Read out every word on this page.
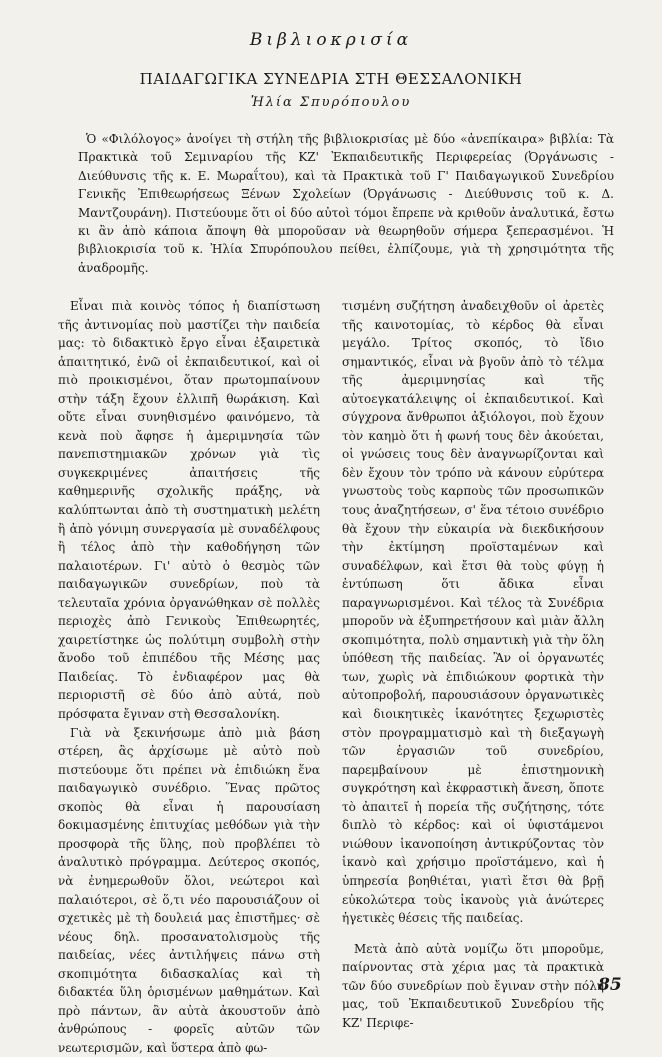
Βιβλιοκρισία
ΠΑΙΔΑΓΩΓΙΚΑ ΣΥΝΕΔΡΙΑ ΣΤΗ ΘΕΣΣΑΛΟΝΙΚΗ
Ἠλία Σπυρόπουλου
Ὁ «Φιλόλογος» ἀνοίγει τὴ στήλη τῆς βιβλιοκρισίας μὲ δύο «ἀνεπίκαιρα» βιβλία: Τὰ Πρακτικὰ τοῦ Σεμιναρίου τῆς ΚΖ' Ἐκπαιδευτικῆς Περιφερείας (Ὀργάνωσις - Διεύθυνσις τῆς κ. Ε. Μωραΐτου), καὶ τὰ Πρακτικὰ τοῦ Γ' Παιδαγωγικοῦ Συνεδρίου Γενικῆς Ἐπιθεωρήσεως Ξένων Σχολείων (Ὀργάνωσις - Διεύθυνσις τοῦ κ. Δ. Μαντζουράνη). Πιστεύουμε ὅτι οἱ δύο αὐτοὶ τόμοι ἔπρεπε νὰ κριθοῦν ἀναλυτικά, ἔστω κι ἂν ἀπὸ κάποια ἄποψη θὰ μποροῦσαν νὰ θεωρηθοῦν σήμερα ξεπερασμένοι. Ἡ βιβλιοκρισία τοῦ κ. Ἠλία Σπυρόπουλου πείθει, ἐλπίζουμε, γιὰ τὴ χρησιμότητα τῆς ἀναδρομῆς.

Εἶναι πιὰ κοινὸς τόπος ἡ διαπίστωση τῆς ἀντινομίας ποὺ μαστίζει τὴν παιδεία μας: τὸ διδακτικὸ ἔργο εἶναι ἐξαιρετικὰ ἀπαιτητικό, ἐνῶ οἱ ἐκπαιδευτικοί, καὶ οἱ πιὸ προικισμένοι, ὅταν πρωτομπαίνουν στὴν τάξη ἔχουν ἐλλιπῆ θωράκιση. Καὶ οὔτε εἶναι συνηθισμένο φαινόμενο, τὰ κενὰ ποὺ ἄφησε ἡ ἀμεριμνησία τῶν πανεπιστημιακῶν χρόνων γιὰ τὶς συγκεκριμένες ἀπαιτήσεις τῆς καθημερινῆς σχολικῆς πράξης, νὰ καλύπτωνται ἀπὸ τὴ συστηματικὴ μελέτη ἢ ἀπὸ γόνιμη συνεργασία μὲ συναδέλφους ἢ τέλος ἀπὸ τὴν καθοδήγηση τῶν παλαιοτέρων. Γι' αὐτὸ ὁ θεσμὸς τῶν παιδαγωγικῶν συνεδρίων, ποὺ τὰ τελευταῖα χρόνια ὀργανώθηκαν σὲ πολλὲς περιοχὲς ἀπὸ Γενικοὺς Ἐπιθεωρητές, χαιρετίστηκε ὡς πολύτιμη συμβολὴ στὴν ἄνοδο τοῦ ἐπιπέδου τῆς Μέσης μας Παιδείας. Τὸ ἐνδιαφέρον μας θὰ περιοριστῆ σὲ δύο ἀπὸ αὐτά, ποὺ πρόσφατα ἔγιναν στὴ Θεσσαλονίκη.

Γιὰ νὰ ξεκινήσωμε ἀπὸ μιὰ βάση στέρεη, ἂς ἀρχίσωμε μὲ αὐτὸ ποὺ πιστεύουμε ὅτι πρέπει νὰ ἐπιδιώκη ἕνα παιδαγωγικὸ συνέδριο. Ἕνας πρῶτος σκοπὸς θὰ εἶναι ἡ παρουσίαση δοκιμασμένης ἐπιτυχίας μεθόδων γιὰ τὴν προσφορὰ τῆς ὕλης, ποὺ προβλέπει τὸ ἀναλυτικὸ πρόγραμμα. Δεύτερος σκοπός, νὰ ἐνημερωθοῦν ὅλοι, νεώτεροι καὶ παλαιότεροι, σὲ ὅ,τι νέο παρουσιάζουν οἱ σχετικὲς μὲ τὴ δουλειά μας ἐπιστῆμες· σὲ νέους δηλ. προσανατολισμοὺς τῆς παιδείας, νέες ἀντιλήψεις πάνω στὴ σκοπιμότητα διδασκαλίας καὶ τὴ διδακτέα ὕλη ὁρισμένων μαθημάτων. Καὶ πρὸ πάντων, ἂν αὐτὰ ἀκουστοῦν ἀπὸ ἀνθρώπους - φορεῖς αὐτῶν τῶν νεωτερισμῶν, καὶ ὕστερα ἀπὸ φω-

τισμένη συζήτηση ἀναδειχθοῦν οἱ ἀρετὲς τῆς καινοτομίας, τὸ κέρδος θὰ εἶναι μεγάλο. Τρίτος σκοπός, τὸ ἴδιο σημαντικός, εἶναι νὰ βγοῦν ἀπὸ τὸ τέλμα τῆς ἀμεριμνησίας καὶ τῆς αὐτοεγκατάλειψης οἱ ἐκπαιδευτικοί. Καὶ σύγχρονα ἄνθρωποι ἀξιόλογοι, ποὺ ἔχουν τὸν καημὸ ὅτι ἡ φωνή τους δὲν ἀκούεται, οἱ γνώσεις τους δὲν ἀναγνωρίζονται καὶ δὲν ἔχουν τὸν τρόπο νὰ κάνουν εὐρύτερα γνωστοὺς τοὺς καρποὺς τῶν προσωπικῶν τους ἀναζητήσεων, σ' ἕνα τέτοιο συνέδριο θὰ ἔχουν τὴν εὐκαιρία νὰ διεκδικήσουν τὴν ἐκτίμηση προϊσταμένων καὶ συναδέλφων, καὶ ἔτσι θὰ τοὺς φύγῃ ἡ ἐντύπωση ὅτι ἄδικα εἶναι παραγνωρισμένοι. Καὶ τέλος τὰ Συνέδρια μποροῦν νὰ ἐξυπηρετήσουν καὶ μιὰν ἄλλη σκοπιμότητα, πολὺ σημαντικὴ γιὰ τὴν ὅλη ὑπόθεση τῆς παιδείας. Ἂν οἱ ὀργανωτές των, χωρὶς νὰ ἐπιδιώκουν φορτικὰ τὴν αὐτοπροβολή, παρουσιάσουν ὀργανωτικὲς καὶ διοικητικὲς ἱκανότητες ξεχωριστὲς στὸν προγραμματισμὸ καὶ τὴ διεξαγωγὴ τῶν ἐργασιῶν τοῦ συνεδρίου, παρεμβαίνουν μὲ ἐπιστημονικὴ συγκρότηση καὶ ἐκφραστικὴ ἄνεση, ὅποτε τὸ ἀπαιτεῖ ἡ πορεία τῆς συζήτησης, τότε διπλὸ τὸ κέρδος: καὶ οἱ ὑφιστάμενοι νιώθουν ἱκανοποίηση ἀντικρύζοντας τὸν ἱκανὸ καὶ χρήσιμο προϊστάμενο, καὶ ἡ ὑπηρεσία βοηθιέται, γιατὶ ἔτσι θὰ βρῇ εὐκολώτερα τοὺς ἱκανοὺς γιὰ ἀνώτερες ἡγετικὲς θέσεις τῆς παιδείας.

Μετὰ ἀπὸ αὐτὰ νομίζω ὅτι μποροῦμε, παίρνοντας στὰ χέρια μας τὰ πρακτικὰ τῶν δύο συνεδρίων ποὺ ἔγιναν στὴν πόλη μας, τοῦ Ἐκπαιδευτικοῦ Συνεδρίου τῆς ΚΖ' Περιφε-

85
